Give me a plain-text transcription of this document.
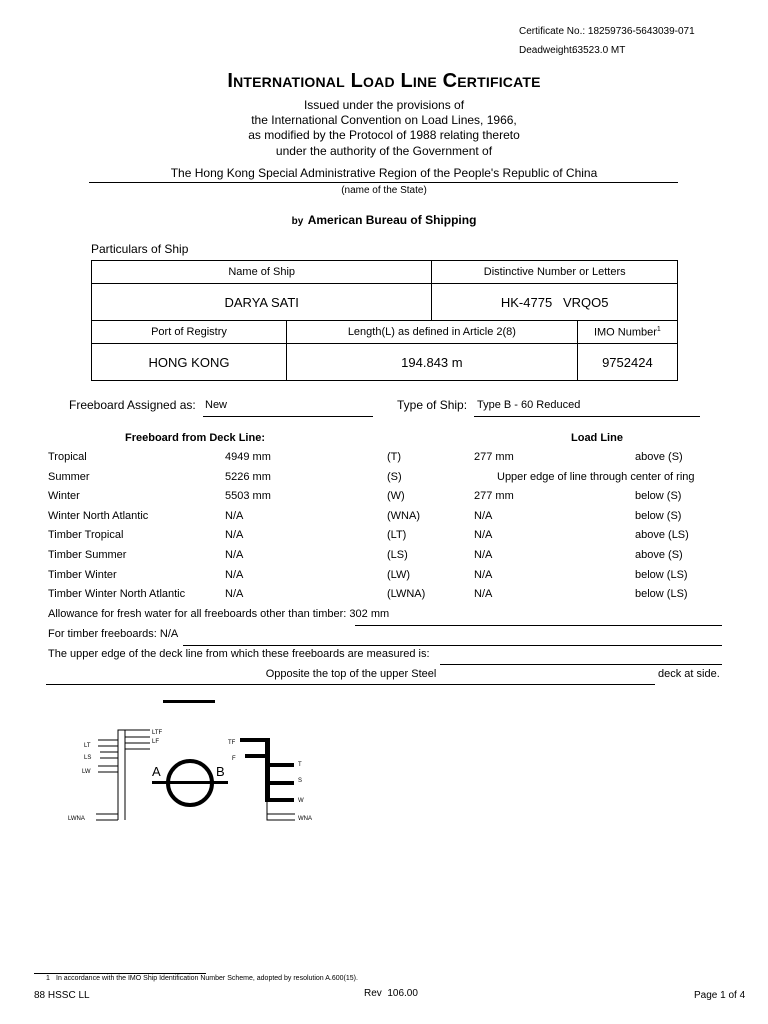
Certificate No.: 18259736-5643039-071
Deadweight:
63523.0 MT
International Load Line Certificate
Issued under the provisions of
the International Convention on Load Lines, 1966,
as modified by the Protocol of 1988 relating thereto
under the authority of the Government of
The Hong Kong Special Administrative Region of the People's Republic of China
(name of the State)
by American Bureau of Shipping
Particulars of Ship
Name of Ship		Distinctive Number or Letters	
DARYA SATI		HK-4775   VRQO5	
Port of Registry	Length(L) as defined in Article 2(8)		IMO Number$^1$
HONG KONG	194.843 m		9752424
Freeboard Assigned as: New	Type of Ship: Type B - 60 Reduced
Freeboard from Deck Line:	Load Line
Tropical	4949 mm	(T)	277 mm	above (S)
Summer	5226 mm	(S)	Upper edge of line through center of ring
Winter	5503 mm	(W)	277 mm	below (S)
Winter North Atlantic	N/A	(WNA)	N/A	below (S)
Timber Tropical	N/A	(LT)	N/A	above (LS)
Timber Summer	N/A	(LS)	N/A	above (S)
Timber Winter	N/A	(LW)	N/A	below (LS)
Timber Winter North Atlantic	N/A	(LWNA)	N/A	below (LS)
Allowance for fresh water for all freeboards other than timber: 302 mm
For timber freeboards: N/A
The upper edge of the deck line from which these freeboards are measured is:
Opposite the top of the upper Steel	deck at side.
LTF
LF
LT
LS
LW
LWNA
A	B
TF
F
T
S
W
WNA
1 In accordance with the IMO Ship Identification Number Scheme, adopted by resolution A.600(15).
88 HSSC LL	Rev  106.00	Page 1 of 4
